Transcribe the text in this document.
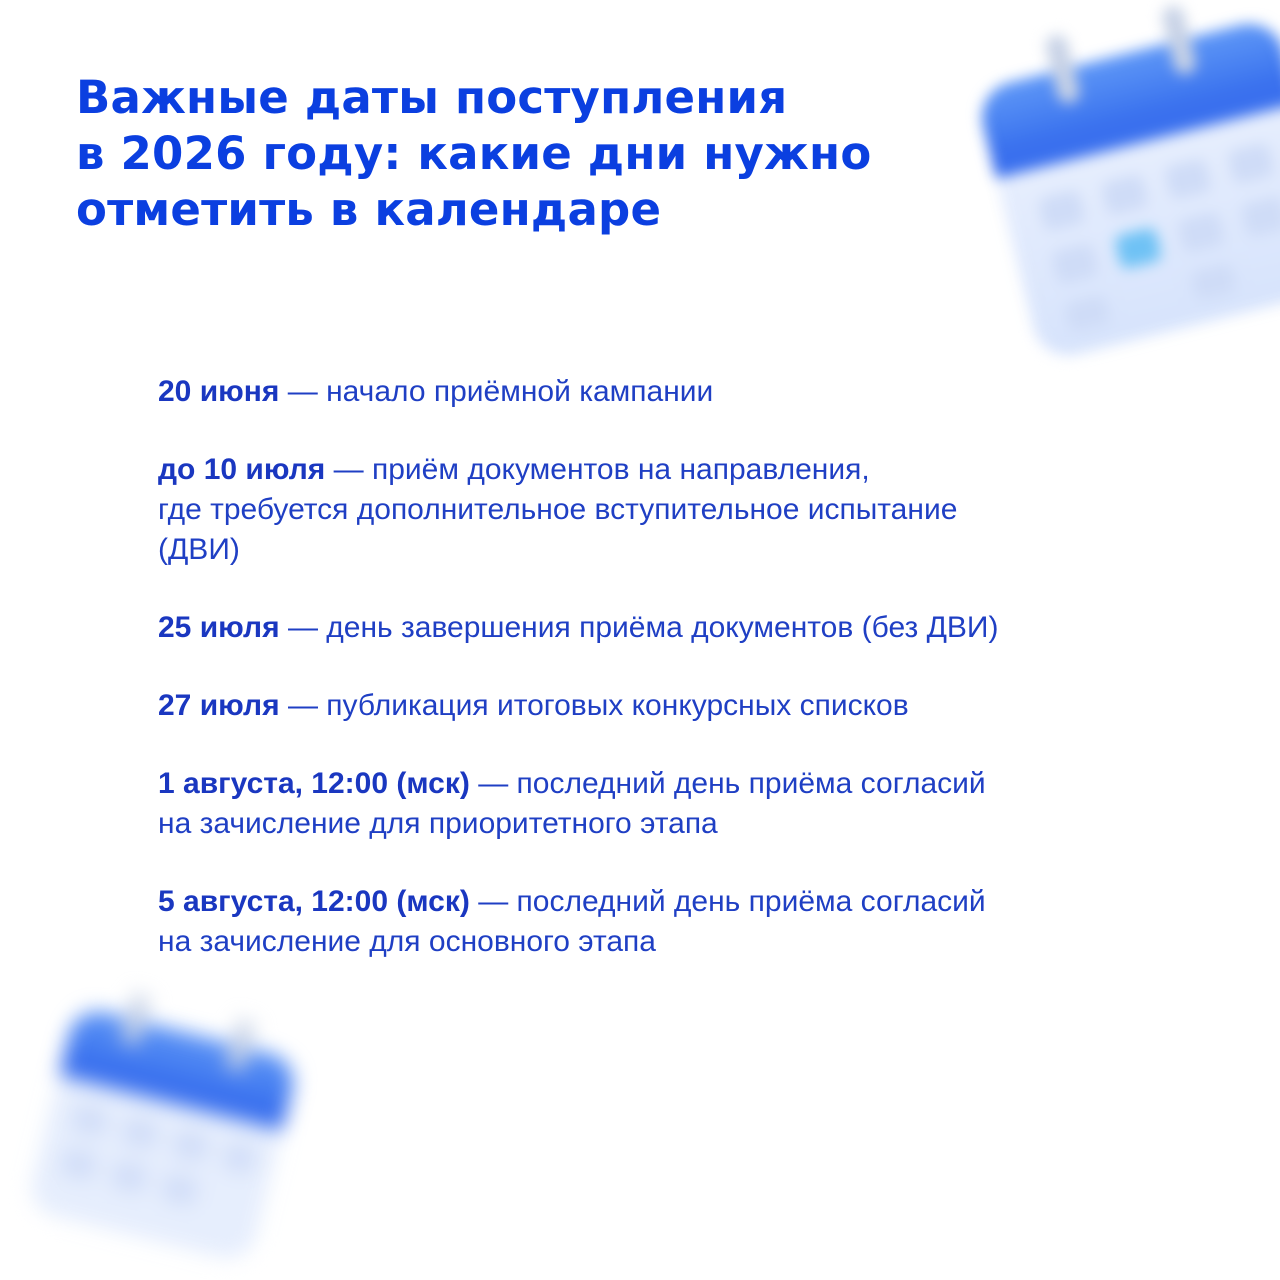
Важные даты поступления
в 2026 году: какие дни нужно
отметить в календаре
20 июня — начало приёмной кампании
до 10 июля — приём документов на направления,
где требуется дополнительное вступительное испытание
(ДВИ)
25 июля — день завершения приёма документов (без ДВИ)
27 июля — публикация итоговых конкурсных списков
1 августа, 12:00 (мск) — последний день приёма согласий
на зачисление для приоритетного этапа
5 августа, 12:00 (мск) — последний день приёма согласий
на зачисление для основного этапа
